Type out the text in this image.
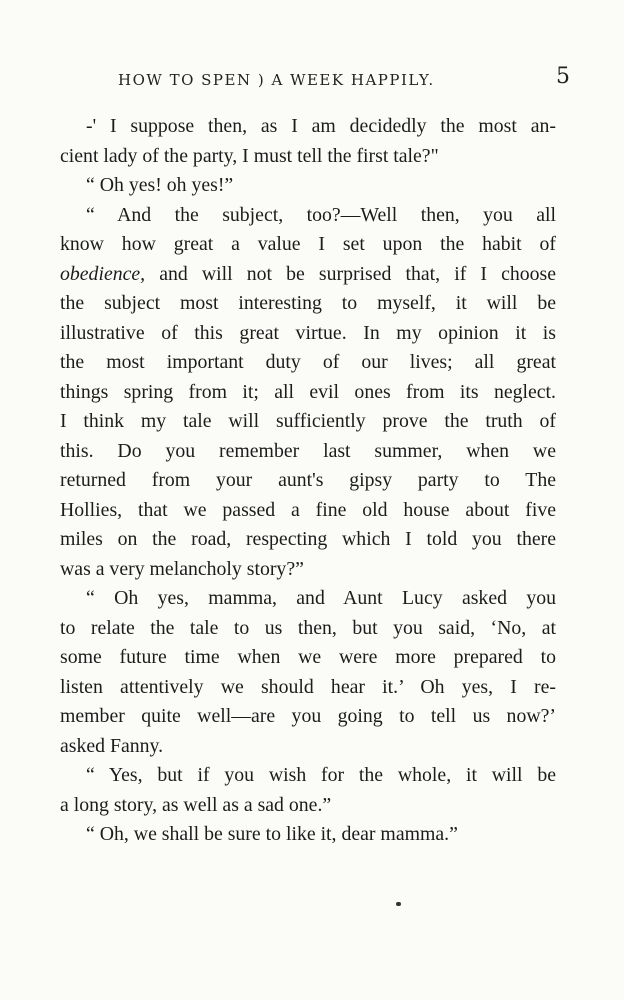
HOW TO SPEN ) A WEEK HAPPILY.	5
-' I suppose then, as I am decidedly the most an-
cient lady of the party, I must tell the first tale?"
“ Oh yes! oh yes!”
“ And the subject, too?—Well then, you all
know how great a value I set upon the habit of
obedience, and will not be surprised that, if I choose
the subject most interesting to myself, it will be
illustrative of this great virtue. In my opinion it is
the most important duty of our lives; all great
things spring from it; all evil ones from its neglect.
I think my tale will sufficiently prove the truth of
this. Do you remember last summer, when we
returned from your aunt's gipsy party to The
Hollies, that we passed a fine old house about five
miles on the road, respecting which I told you there
was a very melancholy story?”
“ Oh yes, mamma, and Aunt Lucy asked you
to relate the tale to us then, but you said, ‘No, at
some future time when we were more prepared to
listen attentively we should hear it.’ Oh yes, I re-
member quite well—are you going to tell us now?’
asked Fanny.
“ Yes, but if you wish for the whole, it will be
a long story, as well as a sad one.”
“ Oh, we shall be sure to like it, dear mamma.”
